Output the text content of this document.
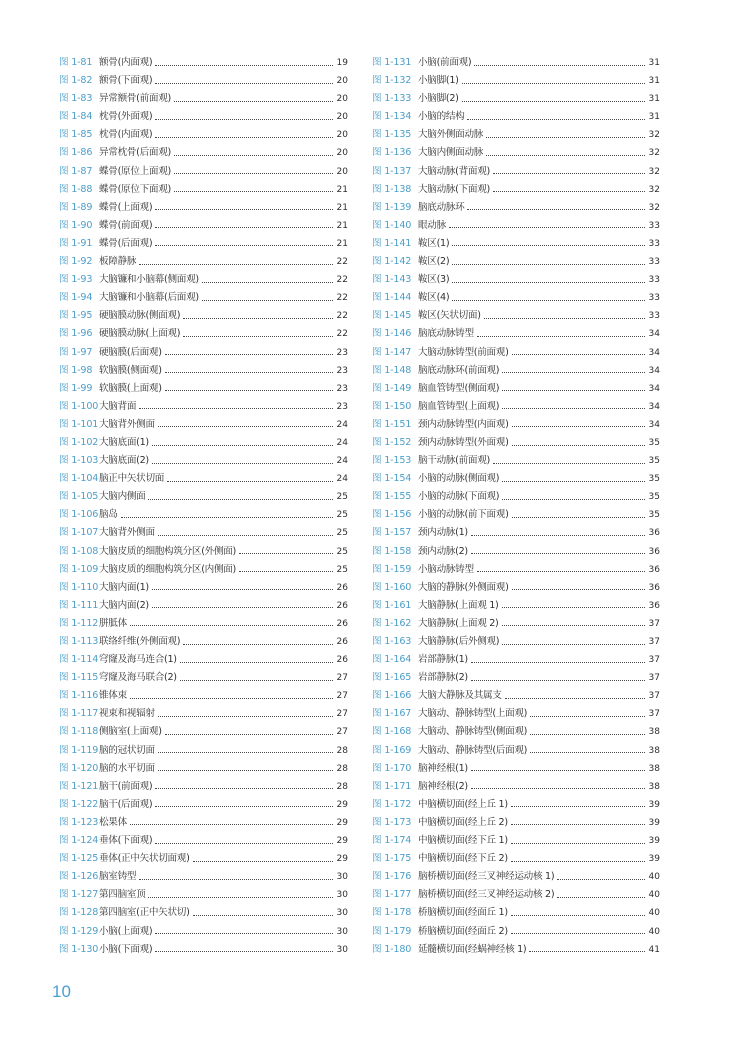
图 1-81 额骨(内面观)	19
图 1-82 额骨(下面观)	20
图 1-83 异常额骨(前面观)	20
图 1-84 枕骨(外面观)	20
图 1-85 枕骨(内面观)	20
图 1-86 异常枕骨(后面观)	20
图 1-87 蝶骨(原位上面观)	20
图 1-88 蝶骨(原位下面观)	21
图 1-89 蝶骨(上面观)	21
图 1-90 蝶骨(前面观)	21
图 1-91 蝶骨(后面观)	21
图 1-92 板障静脉	22
图 1-93 大脑镰和小脑幕(侧面观)	22
图 1-94 大脑镰和小脑幕(后面观)	22
图 1-95 硬脑膜动脉(侧面观)	22
图 1-96 硬脑膜动脉(上面观)	22
图 1-97 硬脑膜(后面观)	23
图 1-98 软脑膜(侧面观)	23
图 1-99 软脑膜(上面观)	23
图 1-100 大脑背面	23
图 1-101 大脑背外侧面	24
图 1-102 大脑底面(1)	24
图 1-103 大脑底面(2)	24
图 1-104 脑正中矢状切面	24
图 1-105 大脑内侧面	25
图 1-106 脑岛	25
图 1-107 大脑背外侧面	25
图 1-108 大脑皮质的细胞构筑分区(外侧面)	25
图 1-109 大脑皮质的细胞构筑分区(内侧面)	25
图 1-110 大脑内面(1)	26
图 1-111 大脑内面(2)	26
图 1-112 胼胝体	26
图 1-113 联络纤维(外侧面观)	26
图 1-114 穹窿及海马连合(1)	26
图 1-115 穹窿及海马联合(2)	27
图 1-116 锥体束	27
图 1-117 视束和视辐射	27
图 1-118 侧脑室(上面观)	27
图 1-119 脑的冠状切面	28
图 1-120 脑的水平切面	28
图 1-121 脑干(前面观)	28
图 1-122 脑干(后面观)	29
图 1-123 松果体	29
图 1-124 垂体(下面观)	29
图 1-125 垂体(正中矢状切面观)	29
图 1-126 脑室铸型	30
图 1-127 第四脑室顶	30
图 1-128 第四脑室(正中矢状切)	30
图 1-129 小脑(上面观)	30
图 1-130 小脑(下面观)	30
图 1-131 小脑(前面观)	31
图 1-132 小脑脚(1)	31
图 1-133 小脑脚(2)	31
图 1-134 小脑的结构	31
图 1-135 大脑外侧面动脉	32
图 1-136 大脑内侧面动脉	32
图 1-137 大脑动脉(背面观)	32
图 1-138 大脑动脉(下面观)	32
图 1-139 脑底动脉环	32
图 1-140 眼动脉	33
图 1-141 鞍区(1)	33
图 1-142 鞍区(2)	33
图 1-143 鞍区(3)	33
图 1-144 鞍区(4)	33
图 1-145 鞍区(矢状切面)	33
图 1-146 脑底动脉铸型	34
图 1-147 大脑动脉铸型(前面观)	34
图 1-148 脑底动脉环(前面观)	34
图 1-149 脑血管铸型(侧面观)	34
图 1-150 脑血管铸型(上面观)	34
图 1-151 颈内动脉铸型(内面观)	34
图 1-152 颈内动脉铸型(外面观)	35
图 1-153 脑干动脉(前面观)	35
图 1-154 小脑的动脉(侧面观)	35
图 1-155 小脑的动脉(下面观)	35
图 1-156 小脑的动脉(前下面观)	35
图 1-157 颈内动脉(1)	36
图 1-158 颈内动脉(2)	36
图 1-159 小脑动脉铸型	36
图 1-160 大脑的静脉(外侧面观)	36
图 1-161 大脑静脉(上面观 1)	36
图 1-162 大脑静脉(上面观 2)	37
图 1-163 大脑静脉(后外侧观)	37
图 1-164 岩部静脉(1)	37
图 1-165 岩部静脉(2)	37
图 1-166 大脑大静脉及其属支	37
图 1-167 大脑动、静脉铸型(上面观)	37
图 1-168 大脑动、静脉铸型(侧面观)	38
图 1-169 大脑动、静脉铸型(后面观)	38
图 1-170 脑神经根(1)	38
图 1-171 脑神经根(2)	38
图 1-172 中脑横切面(经上丘 1)	39
图 1-173 中脑横切面(经上丘 2)	39
图 1-174 中脑横切面(经下丘 1)	39
图 1-175 中脑横切面(经下丘 2)	39
图 1-176 脑桥横切面(经三叉神经运动核 1)	40
图 1-177 脑桥横切面(经三叉神经运动核 2)	40
图 1-178 桥脑横切面(经面丘 1)	40
图 1-179 桥脑横切面(经面丘 2)	40
图 1-180 延髓横切面(经蜗神经核 1)	41
10
